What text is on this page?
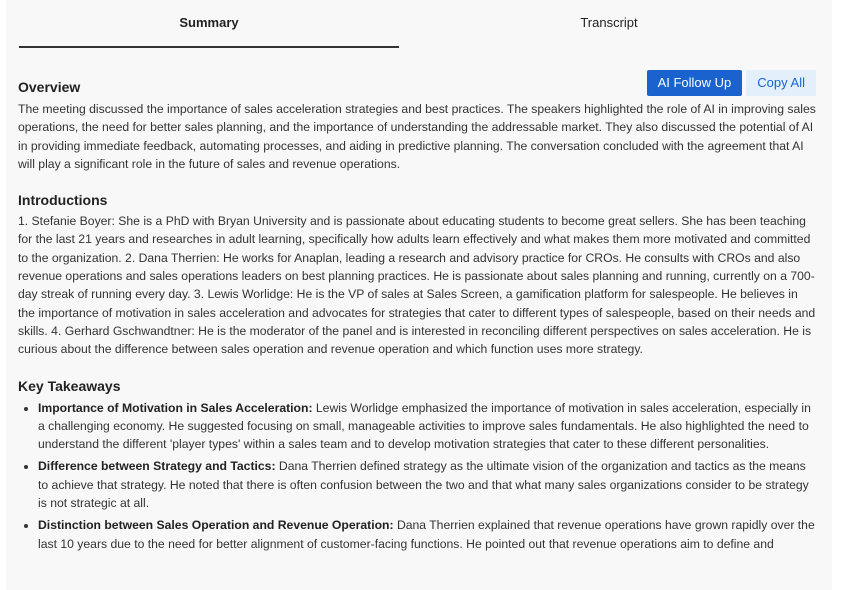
Summary	Transcript
AI Follow Up	Copy All
Overview

The meeting discussed the importance of sales acceleration strategies and best practices. The speakers highlighted the role of AI in improving sales operations, the need for better sales planning, and the importance of understanding the addressable market. They also discussed the potential of AI in providing immediate feedback, automating processes, and aiding in predictive planning. The conversation concluded with the agreement that AI will play a significant role in the future of sales and revenue operations.

Introductions

1. Stefanie Boyer: She is a PhD with Bryan University and is passionate about educating students to become great sellers. She has been teaching for the last 21 years and researches in adult learning, specifically how adults learn effectively and what makes them more motivated and committed to the organization. 2. Dana Therrien: He works for Anaplan, leading a research and advisory practice for CROs. He consults with CROs and also revenue operations and sales operations leaders on best planning practices. He is passionate about sales planning and running, currently on a 700-day streak of running every day. 3. Lewis Worlidge: He is the VP of sales at Sales Screen, a gamification platform for salespeople. He believes in the importance of motivation in sales acceleration and advocates for strategies that cater to different types of salespeople, based on their needs and skills. 4. Gerhard Gschwandtner: He is the moderator of the panel and is interested in reconciling different perspectives on sales acceleration. He is curious about the difference between sales operation and revenue operation and which function uses more strategy.

Key Takeaways
• Importance of Motivation in Sales Acceleration: Lewis Worlidge emphasized the importance of motivation in sales acceleration, especially in a challenging economy. He suggested focusing on small, manageable activities to improve sales fundamentals. He also highlighted the need to understand the different 'player types' within a sales team and to develop motivation strategies that cater to these different personalities.
• Difference between Strategy and Tactics: Dana Therrien defined strategy as the ultimate vision of the organization and tactics as the means to achieve that strategy. He noted that there is often confusion between the two and that what many sales organizations consider to be strategy is not strategic at all.
• Distinction between Sales Operation and Revenue Operation: Dana Therrien explained that revenue operations have grown rapidly over the last 10 years due to the need for better alignment of customer-facing functions. He pointed out that revenue operations aim to define and
